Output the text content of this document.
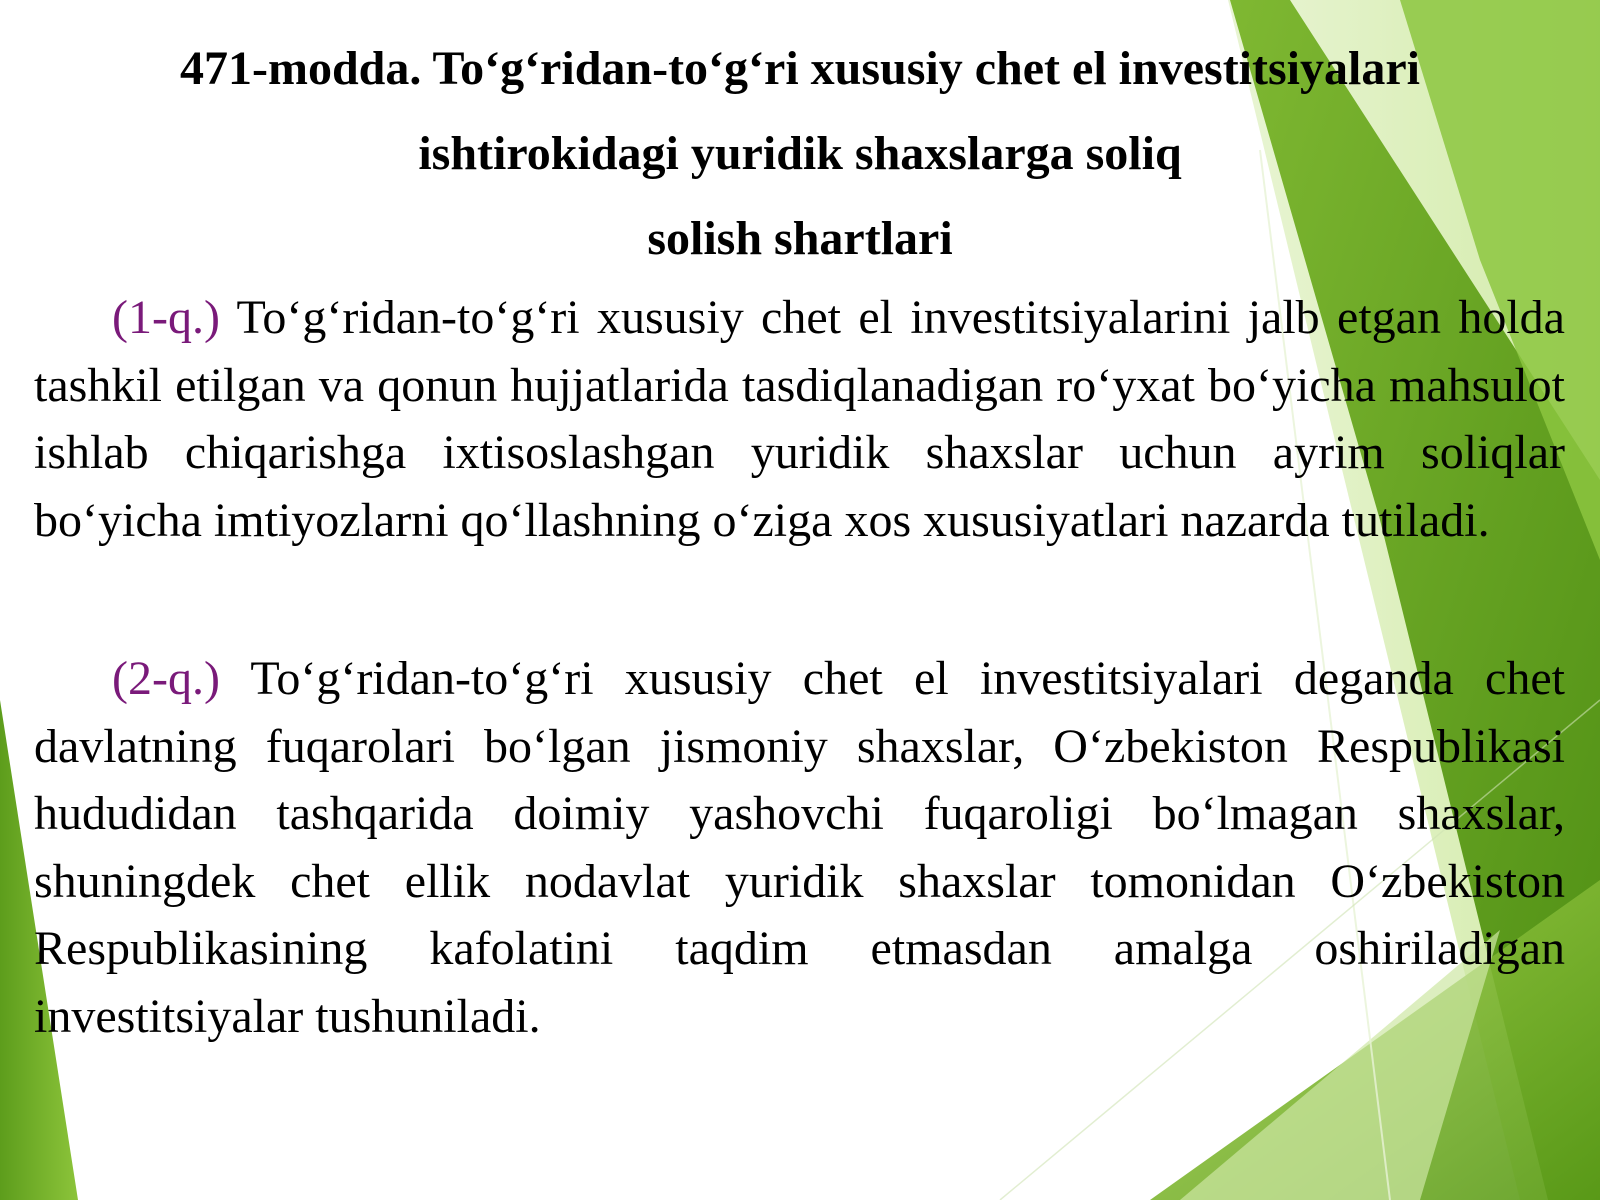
471-modda. To‘g‘ridan-to‘g‘ri xususiy chet el investitsiyalari
ishtirokidagi yuridik shaxslarga soliq
solish shartlari

(1-q.) To‘g‘ridan-to‘g‘ri xususiy chet el investitsiyalarini jalb etgan holda tashkil etilgan va qonun hujjatlarida tasdiqlanadigan ro‘yxat bo‘yicha mahsulot ishlab chiqarishga ixtisoslashgan yuridik shaxslar uchun ayrim soliqlar bo‘yicha imtiyozlarni qo‘llashning o‘ziga xos xususiyatlari nazarda tutiladi.

(2-q.) To‘g‘ridan-to‘g‘ri xususiy chet el investitsiyalari deganda chet davlatning fuqarolari bo‘lgan jismoniy shaxslar, O‘zbekiston Respublikasi hududidan tashqarida doimiy yashovchi fuqaroligi bo‘lmagan shaxslar, shuningdek chet ellik nodavlat yuridik shaxslar tomonidan O‘zbekiston Respublikasining kafolatini taqdim etmasdan amalga oshiriladigan investitsiyalar tushuniladi.
